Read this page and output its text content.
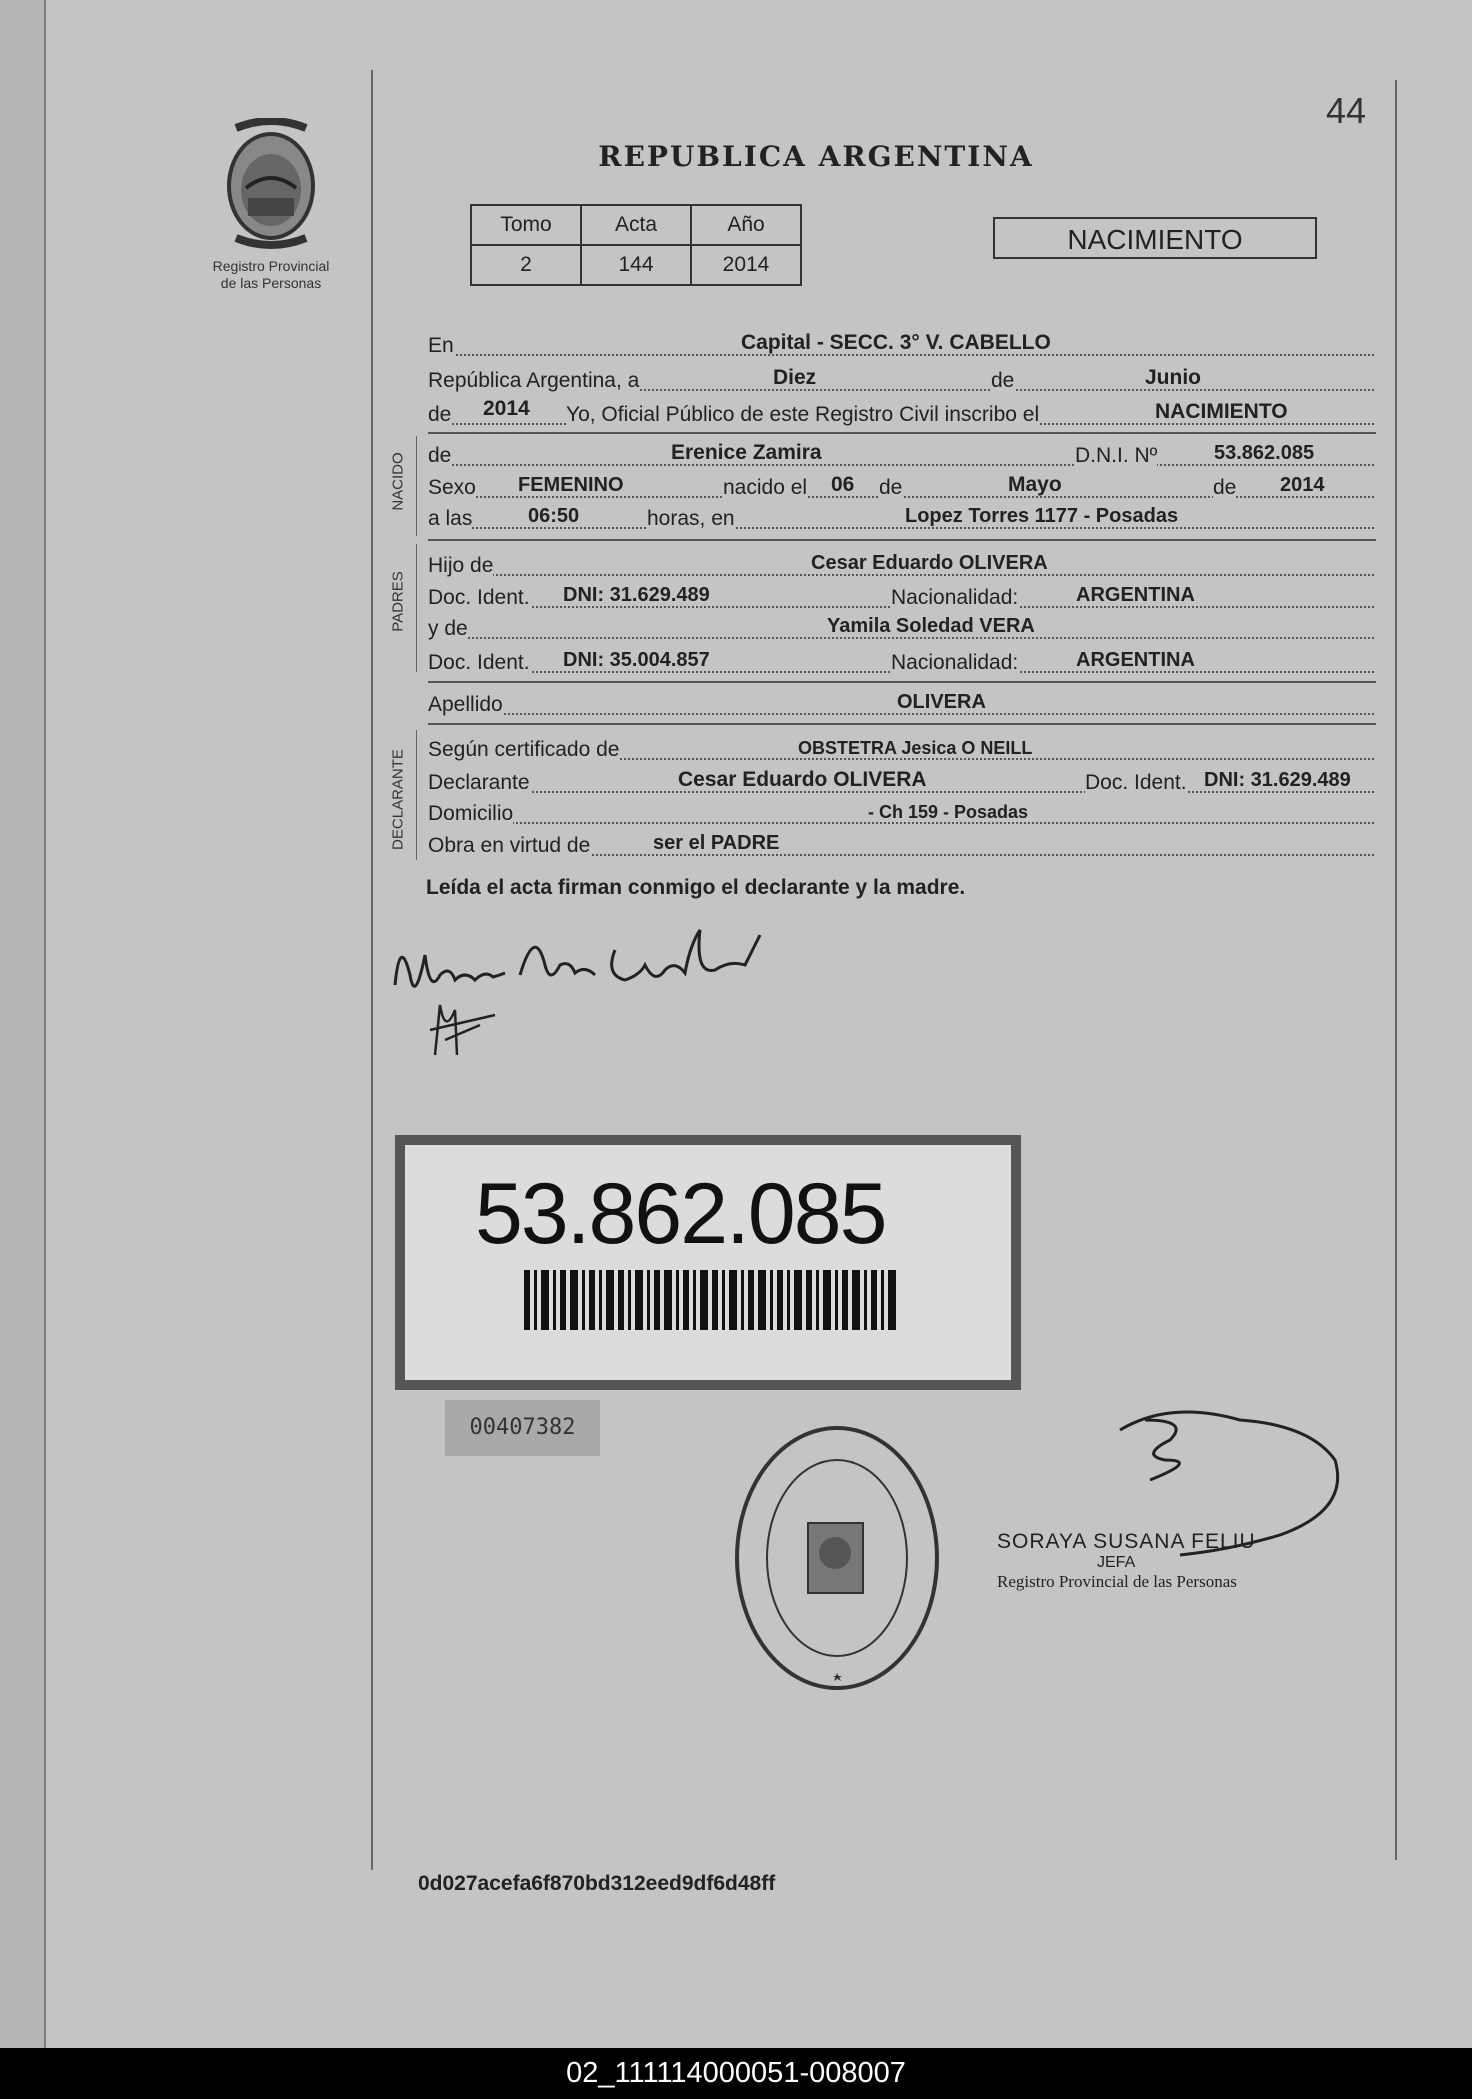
44
Registro Provincial
de las Personas
REPUBLICA ARGENTINA
Tomo	Acta	Año
2	144	2014
NACIMIENTO
En	Capital - SECC. 3° V. CABELLO
República Argentina, a	Diez	de	Junio
de 2014 Yo, Oficial Público de este Registro Civil inscribo el	NACIMIENTO
NACIDO de	Erenice Zamira	D.N.I. Nº	53.862.085
Sexo FEMENINO	nacido el 06 de	Mayo	de 2014
a las	06:50	horas, en	Lopez Torres 1177 - Posadas
PADRES
Hijo de	Cesar Eduardo OLIVERA
Doc. Ident. DNI: 31.629.489	Nacionalidad:	ARGENTINA
y de	Yamila Soledad VERA
Doc. Ident. DNI: 35.004.857	Nacionalidad:	ARGENTINA
Apellido	OLIVERA
DECLARANTE Según certificado de	OBSTETRA Jesica O NEILL
Declarante	Cesar Eduardo OLIVERA	Doc. Ident. DNI: 31.629.489
Domicilio	- Ch 159 - Posadas
Obra en virtud de	ser el PADRE
Leída el acta firman conmigo el declarante y la madre.
53.862.085
00407382
SORAYA SUSANA FELIU
JEFA
Registro Provincial de las Personas
0d027acefa6f870bd312eed9df6d48ff
02_111114000051-008007
